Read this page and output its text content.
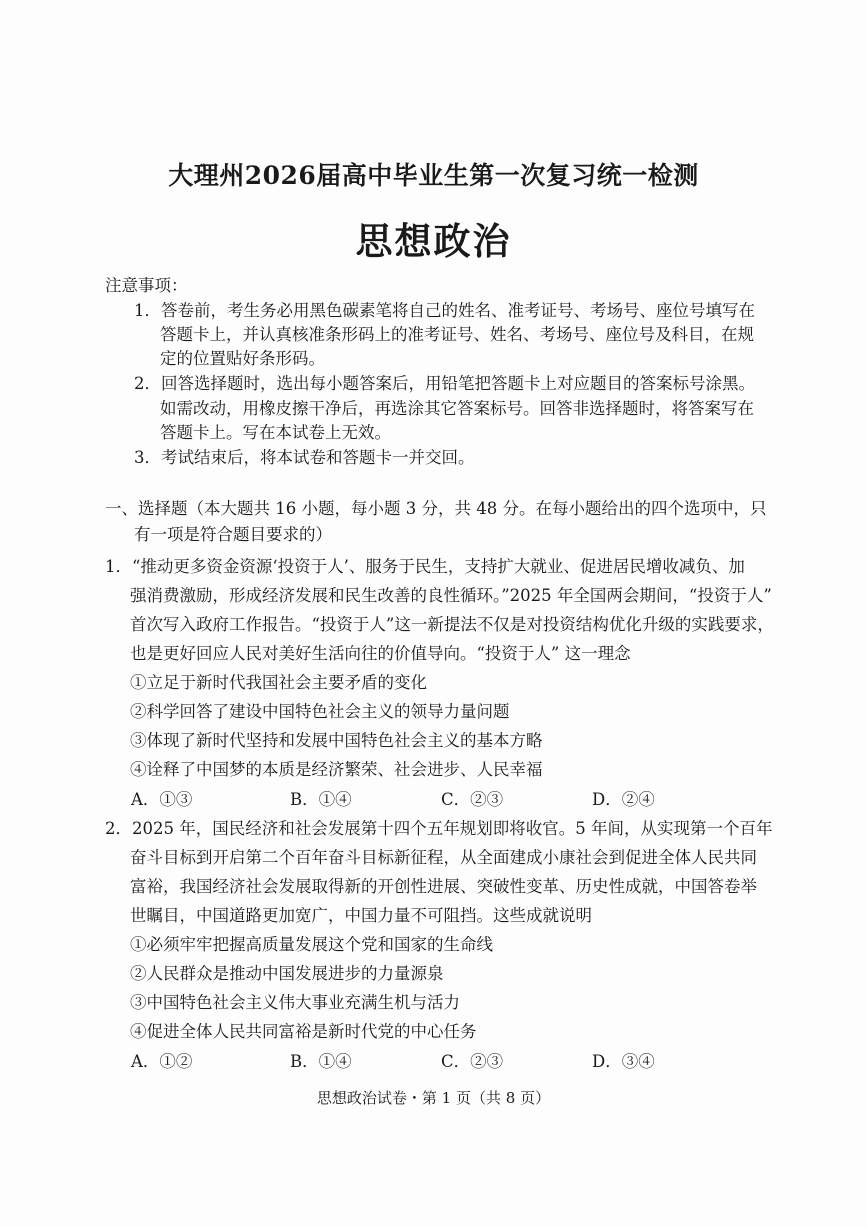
大理州2026届高中毕业生第一次复习统一检测
思想政治
注意事项：
1．答卷前，考生务必用黑色碳素笔将自己的姓名、准考证号、考场号、座位号填写在
答题卡上，并认真核准条形码上的准考证号、姓名、考场号、座位号及科目，在规
定的位置贴好条形码。
2．回答选择题时，选出每小题答案后，用铅笔把答题卡上对应题目的答案标号涂黑。
如需改动，用橡皮擦干净后，再选涂其它答案标号。回答非选择题时，将答案写在
答题卡上。写在本试卷上无效。
3．考试结束后，将本试卷和答题卡一并交回。
一、选择题（本大题共 16 小题，每小题 3 分，共 48 分。在每小题给出的四个选项中，只
有一项是符合题目要求的）
1．“推动更多资金资源‘投资于人’、服务于民生，支持扩大就业、促进居民增收减负、加
强消费激励，形成经济发展和民生改善的良性循环。”2025 年全国两会期间，“投资于人”
首次写入政府工作报告。“投资于人”这一新提法不仅是对投资结构优化升级的实践要求，
也是更好回应人民对美好生活向往的价值导向。“投资于人” 这一理念
①立足于新时代我国社会主要矛盾的变化
②科学回答了建设中国特色社会主义的领导力量问题
③体现了新时代坚持和发展中国特色社会主义的基本方略
④诠释了中国梦的本质是经济繁荣、社会进步、人民幸福
A．①③	B．①④	C．②③	D．②④
2．2025 年，国民经济和社会发展第十四个五年规划即将收官。5 年间，从实现第一个百年
奋斗目标到开启第二个百年奋斗目标新征程，从全面建成小康社会到促进全体人民共同
富裕，我国经济社会发展取得新的开创性进展、突破性变革、历史性成就，中国答卷举
世瞩目，中国道路更加宽广，中国力量不可阻挡。这些成就说明
①必须牢牢把握高质量发展这个党和国家的生命线
②人民群众是推动中国发展进步的力量源泉
③中国特色社会主义伟大事业充满生机与活力
④促进全体人民共同富裕是新时代党的中心任务
A．①②	B．①④	C．②③	D．③④
思想政治试卷・第 1 页（共 8 页）
